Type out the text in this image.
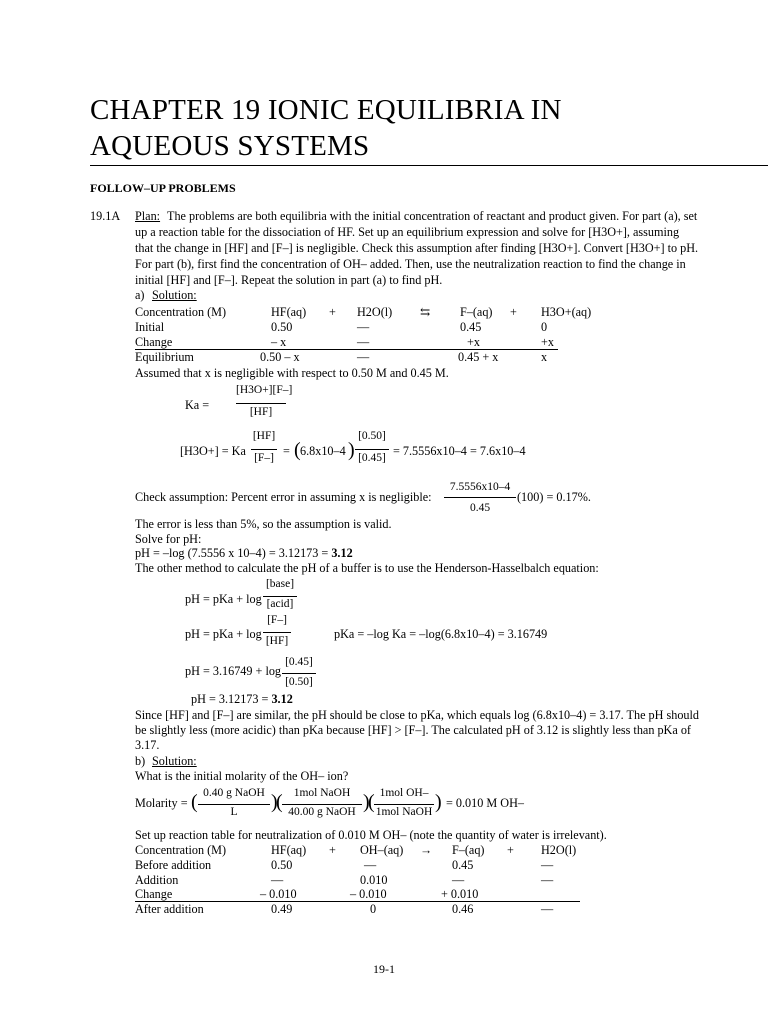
CHAPTER 19 IONIC EQUILIBRIA IN
AQUEOUS SYSTEMS
FOLLOW–UP PROBLEMS
19.1A Plan: The problems are both equilibria with the initial concentration of reactant and product given. For part (a), set
up a reaction table for the dissociation of HF. Set up an equilibrium expression and solve for [H3O+], assuming
that the change in [HF] and [F–] is negligible. Check this assumption after finding [H3O+]. Convert [H3O+] to pH.
For part (b), first find the concentration of OH– added. Then, use the neutralization reaction to find the change in
initial [HF] and [F–]. Repeat the solution in part (a) to find pH.
a) Solution:
Concentration (M)	HF(aq) + H2O(l) ⇆ F–(aq) + H3O+(aq)
Initial	0.50	—	0.45	0
Change	– x	—	+x	+x
Equilibrium	0.50 – x	—	0.45 + x	x
Assumed that x is negligible with respect to 0.50 M and 0.45 M.
Ka =
[H3O+][F–]
[HF]
[H3O+] = Ka
[HF]
[F–] = ( 6.8x10–4 )
[0.50]
[0.45] = 7.5556x10–4 = 7.6x10–4
Check assumption: Percent error in assuming x is negligible:
7.5556x10–4
0.45
(100) = 0.17%.
The error is less than 5%, so the assumption is valid.
Solve for pH:
pH = –log (7.5556 x 10–4) = 3.12173 = 3.12
The other method to calculate the pH of a buffer is to use the Henderson-Hasselbalch equation:
pH = pKa + log
[base]
[acid]
pH = pKa + log
[F–]
[HF]	pKa = –log Ka = –log(6.8x10–4) = 3.16749
pH = 3.16749 + log
[0.45]
[0.50]
pH = 3.12173 = 3.12
Since [HF] and [F–] are similar, the pH should be close to pKa, which equals log (6.8x10–4) = 3.17. The pH should
be slightly less (more acidic) than pKa because [HF] > [F–]. The calculated pH of 3.12 is slightly less than pKa of
3.17.
b) Solution:
What is the initial molarity of the OH– ion?
Molarity = ( 0.40 g NaOH
L	)
( 1mol NaOH
40.00 g NaOH )
( 1mol OH–
1mol NaOH ) = 0.010 M OH–
Set up reaction table for neutralization of 0.010 M OH– (note the quantity of water is irrelevant).
Concentration (M)	HF(aq) + OH–(aq) → F–(aq) + H2O(l)
Before addition	0.50	—	0.45	—
Addition	—	0.010	—	—
Change	– 0.010	– 0.010	+ 0.010
After addition	0.49	0	0.46	—
19-1
